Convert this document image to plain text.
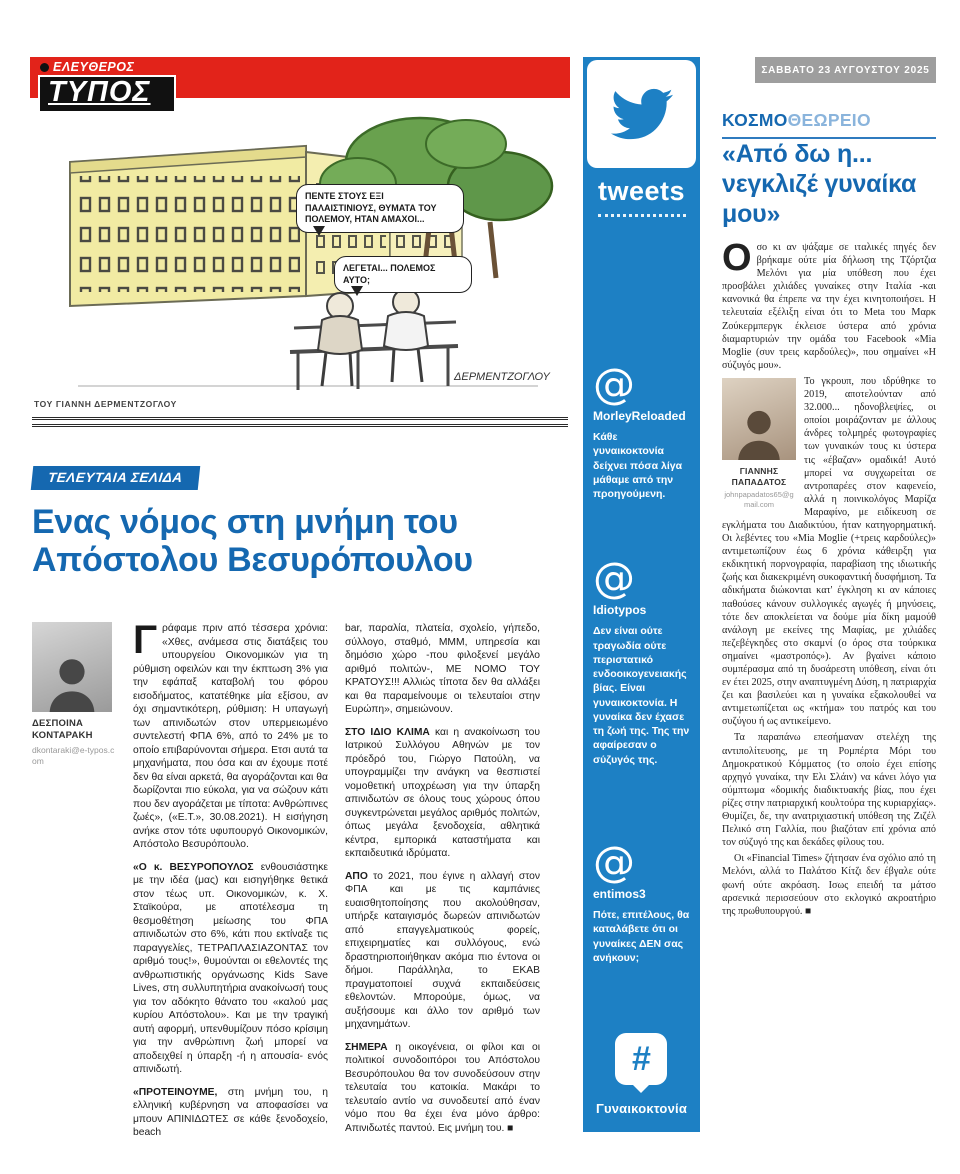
ΕΛΕΥΘΕΡΟΣ
ΤΥΠΟΣ
ΔΕΡΜΕΝΤΖΟΓΛΟΥ
ΠΕΝΤΕ ΣΤΟΥΣ ΕΞΙ ΠΑΛΑΙΣΤΙΝΙΟΥΣ, ΘΥΜΑΤΑ ΤΟΥ ΠΟΛΕΜΟΥ, ΗΤΑΝ ΑΜΑΧΟΙ...
ΛΕΓΕΤΑΙ... ΠΟΛΕΜΟΣ ΑΥΤΟ;
ΤΟΥ ΓΙΑΝΝΗ ΔΕΡΜΕΝΤΖΟΓΛΟΥ
ΤΕΛΕΥΤΑΙΑ ΣΕΛΙΔΑ
Ενας νόμος στη μνήμη του Απόστολου Βεσυρόπουλου
ΔΕΣΠΟΙΝΑ ΚΟΝΤΑΡΑΚΗ
dkontaraki@e-typos.com

Γράφαμε πριν από τέσσερα χρόνια: «Χθες, ανάμεσα στις διατάξεις του υπουργείου Οικονομικών για τη ρύθμιση οφειλών και την έκπτωση 3% για την εφάπαξ καταβολή του φόρου εισοδήματος, κατατέθηκε μία εξίσου, αν όχι σημαντικότερη, ρύθμιση: Η υπαγωγή των απινιδωτών στον υπερμειωμένο συντελεστή ΦΠΑ 6%, από το 24% με το οποίο επιβαρύνονται σήμερα. Ετσι αυτά τα μηχανήματα, που όσα και αν έχουμε ποτέ δεν θα είναι αρκετά, θα αγοράζονται και θα δωρίζονται πιο εύκολα, για να σώζουν κάτι που δεν αγοράζεται με τίποτα: Ανθρώπινες ζωές», («Ε.Τ.», 30.08.2021). Η εισήγηση ανήκε στον τότε υφυπουργό Οικονομικών, Απόστολο Βεσυρόπουλο.

«Ο κ. ΒΕΣΥΡΟΠΟΥΛΟΣ ενθουσιάστηκε με την ιδέα (μας) και εισηγήθηκε θετικά στον τέως υπ. Οικονομικών, κ. Χ. Σταϊκούρα, με αποτέλεσμα τη θεσμοθέτηση μείωσης του ΦΠΑ απινιδωτών στο 6%, κάτι που εκτίναξε τις παραγγελίες, ΤΕΤΡΑΠΛΑΣΙΑΖΟΝΤΑΣ τον αριθμό τους!», θυμούνται οι εθελοντές της ανθρωπιστικής οργάνωσης Kids Save Lives, στη συλλυπητήρια ανακοίνωσή τους για τον αδόκητο θάνατο του «καλού μας κυρίου Απόστολου». Και με την τραγική αυτή αφορμή, υπενθυμίζουν πόσο κρίσιμη για την ανθρώπινη ζωή μπορεί να αποδειχθεί η ύπαρξη -ή η απουσία- ενός απινιδωτή.

«ΠΡΟΤΕΙΝΟΥΜΕ, στη μνήμη του, η ελληνική κυβέρνηση να αποφασίσει να μπουν ΑΠΙΝΙΔΩΤΕΣ σε κάθε ξενοδοχείο, beach

bar, παραλία, πλατεία, σχολείο, γήπεδο, σύλλογο, σταθμό, ΜΜΜ, υπηρεσία και δημόσιο χώρο -που φιλοξενεί μεγάλο αριθμό πολιτών-, ΜΕ ΝΟΜΟ ΤΟΥ ΚΡΑΤΟΥΣ!!! Αλλιώς τίποτα δεν θα αλλάξει και θα παραμείνουμε οι τελευταίοι στην Ευρώπη», σημειώνουν.

ΣΤΟ ΙΔΙΟ ΚΛΙΜΑ και η ανακοίνωση του Ιατρικού Συλλόγου Αθηνών με τον πρόεδρό του, Γιώργο Πατούλη, να υπογραμμίζει την ανάγκη να θεσπιστεί νομοθετική υποχρέωση για την ύπαρξη απινιδωτών σε όλους τους χώρους όπου συγκεντρώνεται μεγάλος αριθμός πολιτών, όπως μεγάλα ξενοδοχεία, αθλητικά κέντρα, εμπορικά καταστήματα και εκπαιδευτικά ιδρύματα.

ΑΠΟ το 2021, που έγινε η αλλαγή στον ΦΠΑ και με τις καμπάνιες ευαισθητοποίησης που ακολούθησαν, υπήρξε καταιγισμός δωρεών απινιδωτών από επαγγελματικούς φορείς, επιχειρηματίες και συλλόγους, ενώ δραστηριοποιήθηκαν ακόμα πιο έντονα οι δήμοι. Παράλληλα, το ΕΚΑΒ πραγματοποιεί συχνά εκπαιδεύσεις εθελοντών. Μπορούμε, όμως, να αυξήσουμε και άλλο τον αριθμό των μηχανημάτων.

ΣΗΜΕΡΑ η οικογένεια, οι φίλοι και οι πολιτικοί συνοδοιπόροι του Απόστολου Βεσυρόπουλου θα τον συνοδεύσουν στην τελευταία του κατοικία. Μακάρι το τελευταίο αντίο να συνοδευτεί από έναν νόμο που θα έχει ένα μόνο άρθρο: Απινιδωτές παντού. Εις μνήμη του. ■

tweets
@
MorleyReloaded
Κάθε γυναικοκτονία δείχνει πόσα λίγα μάθαμε από την προηγούμενη.
@
Idiotypos
Δεν είναι ούτε τραγωδία ούτε περιστατικό ενδοοικογενειακής βίας. Είναι γυναικοκτονία. Η γυναίκα δεν έχασε τη ζωή της. Της την αφαίρεσαν ο σύζυγός της.
@
entimos3
Πότε, επιτέλους, θα καταλάβετε ότι οι γυναίκες ΔΕΝ σας ανήκουν;
#
Γυναικοκτονία
ΣΑΒΒΑΤΟ 23 ΑΥΓΟΥΣΤΟΥ 2025
ΚΟΣΜΟΘΕΩΡΕΙΟ
«Από δω η... νεγκλιζέ γυναίκα μου»

Οσο κι αν ψάξαμε σε ιταλικές πηγές δεν βρήκαμε ούτε μία δήλωση της Τζόρτζια Μελόνι για μία υπόθεση που έχει προσβάλει χιλιάδες γυναίκες στην Ιταλία -και κανονικά θα έπρεπε να την έχει κινητοποιήσει. Η τελευταία εξέλιξη είναι ότι το Meta του Μαρκ Ζούκερμπεργκ έκλεισε ύστερα από χρόνια διαμαρτυριών την ομάδα του Facebook «Mia Moglie (συν τρεις καρδούλες)», που σημαίνει «Η σύζυγός μου».

ΓΙΑΝΝΗΣ ΠΑΠΑΔΑΤΟΣ
johnpapadatos65@gmail.com
Το γκρουπ, που ιδρύθηκε το 2019, αποτελούνταν από 32.000... ηδονοβλεψίες, οι οποίοι μοιράζονταν με άλλους άνδρες τολμηρές φωτογραφίες των γυναικών τους κι ύστερα τις «έβαζαν» ομαδικά! Αυτό μπορεί να συγχωρείται σε αντροπαρέες στον καφενείο, αλλά η ποινικολόγος Μαρίζα Μαραφίνο, με ειδίκευση σε εγκλήματα του Διαδικτύου, ήταν κατηγορηματική. Οι λεβέντες του «Mia Moglie (+τρεις καρδούλες)» αντιμετωπίζουν έως 6 χρόνια κάθειρξη για εκδικητική πορνογραφία, παραβίαση της ιδιωτικής ζωής και διακεκριμένη συκοφαντική δυσφήμιση. Τα αδικήματα διώκονται κατ' έγκληση κι αν κάποιες παθούσες κάνουν συλλογικές αγωγές ή μηνύσεις, τότε δεν αποκλείεται να δούμε μία δίκη μαμούθ ανάλογη με εκείνες της Μαφίας, με χιλιάδες πεζεβέγκηδες στο σκαμνί (ο όρος στα τούρκικα σημαίνει «μαστροπός»). Αν βγαίνει κάποιο συμπέρασμα από τη δυσάρεστη υπόθεση, είναι ότι εν έτει 2025, στην αναπτυγμένη Δύση, η πατριαρχία ζει και βασιλεύει και η γυναίκα εξακολουθεί να αντιμετωπίζεται ως «κτήμα» του πατρός και του συζύγου ή ως αντικείμενο.

Τα παραπάνω επεσήμαναν στελέχη της αντιπολίτευσης, με τη Ρομπέρτα Μόρι του Δημοκρατικού Κόμματος (το οποίο έχει επίσης αρχηγό γυναίκα, την Ελι Σλάιν) να κάνει λόγο για σύμπτωμα «δομικής διαδικτυακής βίας, που έχει ρίζες στην πατριαρχική κουλτούρα της κυριαρχίας». Θυμίζει, δε, την ανατριχιαστική υπόθεση της Ζιζέλ Πελικό στη Γαλλία, που βιαζόταν επί χρόνια από τον σύζυγό της και δεκάδες φίλους του.

Οι «Financial Times» ζήτησαν ένα σχόλιο από τη Μελόνι, αλλά το Παλάτσο Κίτζι δεν έβγαλε ούτε φωνή ούτε ακρόαση. Ισως επειδή τα μάτσο αρσενικά περισσεύουν στο εκλογικό ακροατήριο της πρωθυπουργού. ■
